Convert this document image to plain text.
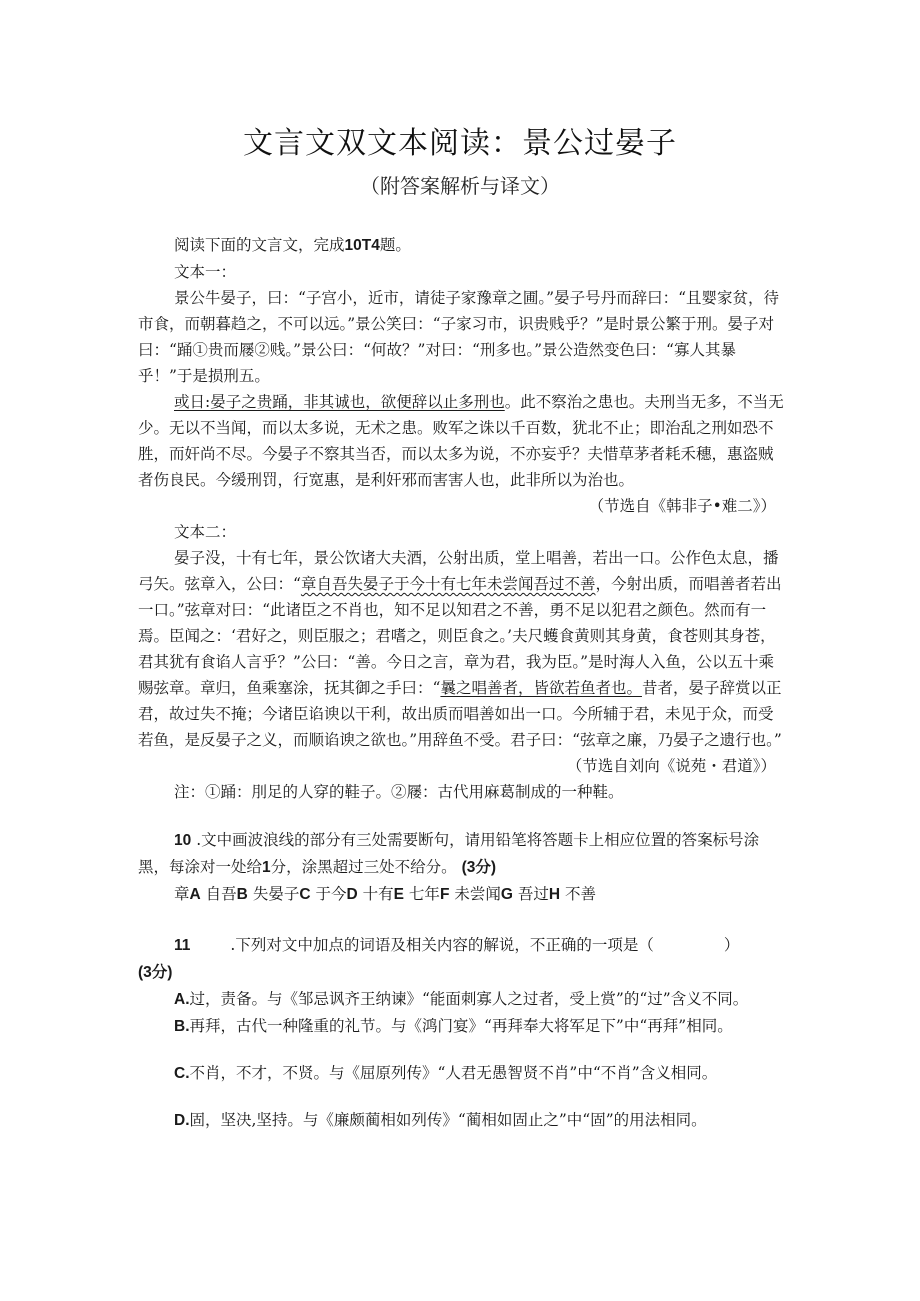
文言文双文本阅读：景公过晏子
（附答案解析与译文）

阅读下面的文言文，完成10T4题。

文本一：

景公牛晏子，曰：“子宫小，近市，请徒子家豫章之圃。”晏子号丹而辞曰：“且婴家贫，待市食，而朝暮趋之，不可以远。”景公笑曰：“子家习市，识贵贱乎？”是时景公繁于刑。晏子对曰：“踊①贵而屦②贱。”景公曰：“何故？”对曰：“刑多也。”景公造然变色曰：“寡人其暴乎！”于是损刑五。

或日:晏子之贵踊，非其诚也，欲便辞以止多刑也。此不察治之患也。夫刑当无多，不当无少。无以不当闻，而以太多说，无术之患。败军之诛以千百数，犹北不止；即治乱之刑如恐不胜，而奸尚不尽。今晏子不察其当否，而以太多为说，不亦妄乎？夫惜草茅者耗禾穗，惠盗贼者伤良民。今缓刑罚，行宽惠，是利奸邪而害害人也，此非所以为治也。

（节选自《韩非子•难二》）

文本二：

晏子没，十有七年，景公饮诸大夫酒，公射出质，堂上唱善，若出一口。公作色太息，播弓矢。弦章入，公曰：“章自吾失晏子于今十有七年未尝闻吾过不善，今射出质，而唱善者若出一口。”弦章对曰：“此诸臣之不肖也，知不足以知君之不善，勇不足以犯君之颜色。然而有一焉。臣闻之：‘君好之，则臣服之；君嗜之，则臣食之。’夫尺蠖食黄则其身黄，食苍则其身苍，君其犹有食谄人言乎？”公曰：“善。今日之言，章为君，我为臣。”是时海人入鱼，公以五十乘赐弦章。章归，鱼乘塞涂，抚其御之手曰：“曩之唱善者，皆欲若鱼者也。昔者，晏子辞赏以正君，故过失不掩；今诸臣谄谀以干利，故出质而唱善如出一口。今所辅于君，未见于众，而受若鱼，是反晏子之义，而顺谄谀之欲也。”用辞鱼不受。君子曰：“弦章之廉，乃晏子之遗行也。”

（节选自刘向《说苑・君道》）

注：①踊：刖足的人穿的鞋子。②屦：古代用麻葛制成的一种鞋。

10 .文中画波浪线的部分有三处需要断句，请用铅笔将答题卡上相应位置的答案标号涂黑，每涂对一处给1分，涂黑超过三处不给分。 (3分)

章A 自吾B 失晏子C 于今D 十有E 七年F 未尝闻G 吾过H 不善

11	.下列对文中加点的词语及相关内容的解说，不正确的一项是（	）

(3分)

A.过，责备。与《邹忌讽齐王纳谏》“能面刺寡人之过者，受上赏”的“过”含义不同。

B.再拜，古代一种隆重的礼节。与《鸿门宴》“再拜奉大将军足下”中“再拜”相同。

C.不肖，不才，不贤。与《屈原列传》“人君无愚智贤不肖”中“不肖”含义相同。

D.固，坚决,坚持。与《廉颇蔺相如列传》“蔺相如固止之”中“固”的用法相同。
